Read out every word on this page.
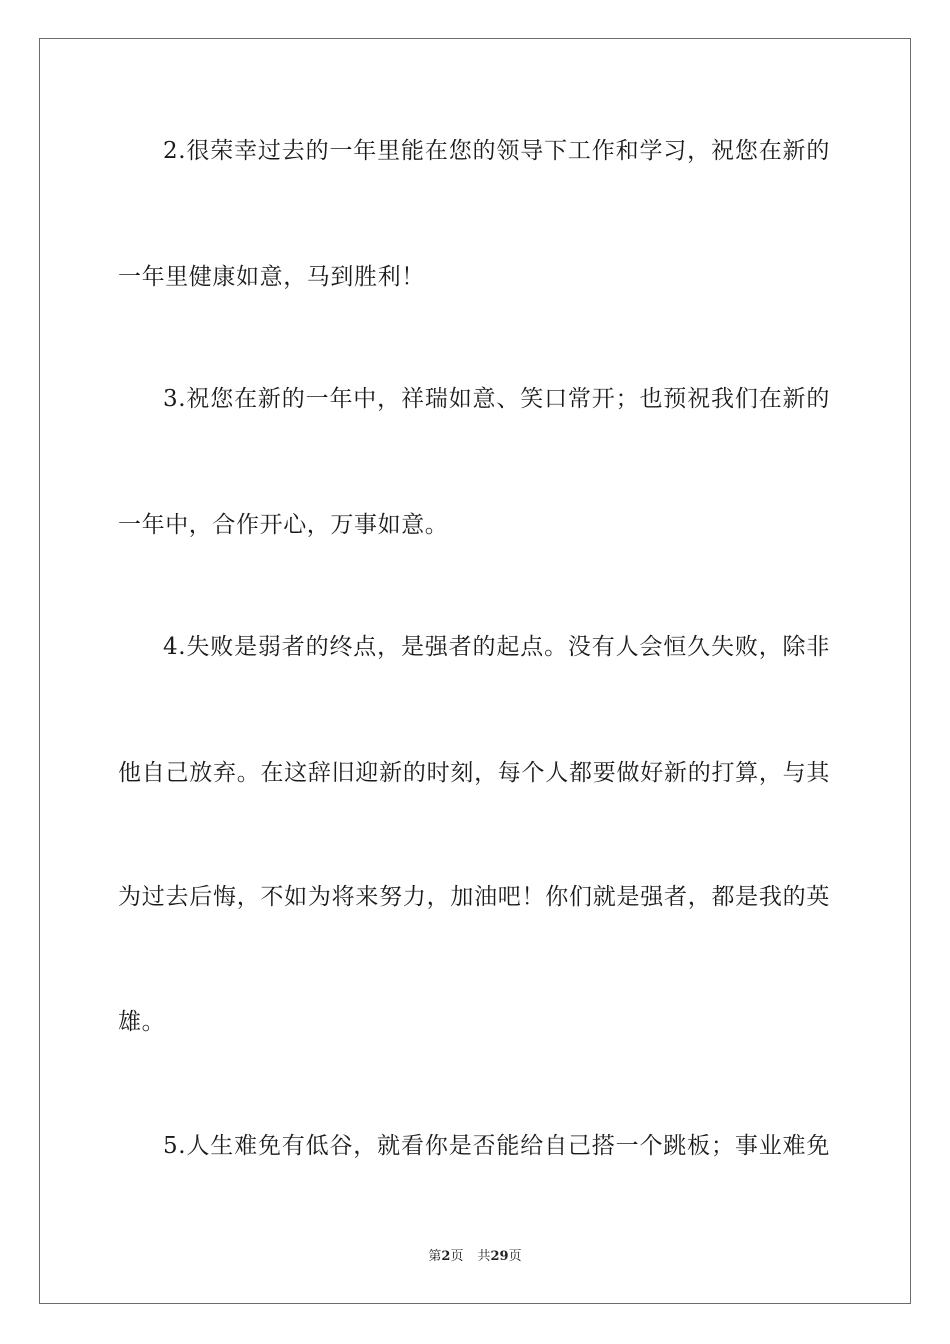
2.很荣幸过去的一年里能在您的领导下工作和学习，祝您在新的
一年里健康如意，马到胜利！
3.祝您在新的一年中，祥瑞如意、笑口常开；也预祝我们在新的
一年中，合作开心，万事如意。
4.失败是弱者的终点，是强者的起点。没有人会恒久失败，除非
他自己放弃。在这辞旧迎新的时刻，每个人都要做好新的打算，与其
为过去后悔，不如为将来努力，加油吧！你们就是强者，都是我的英
雄。
5.人生难免有低谷，就看你是否能给自己搭一个跳板；事业难免
第2页 共29页
